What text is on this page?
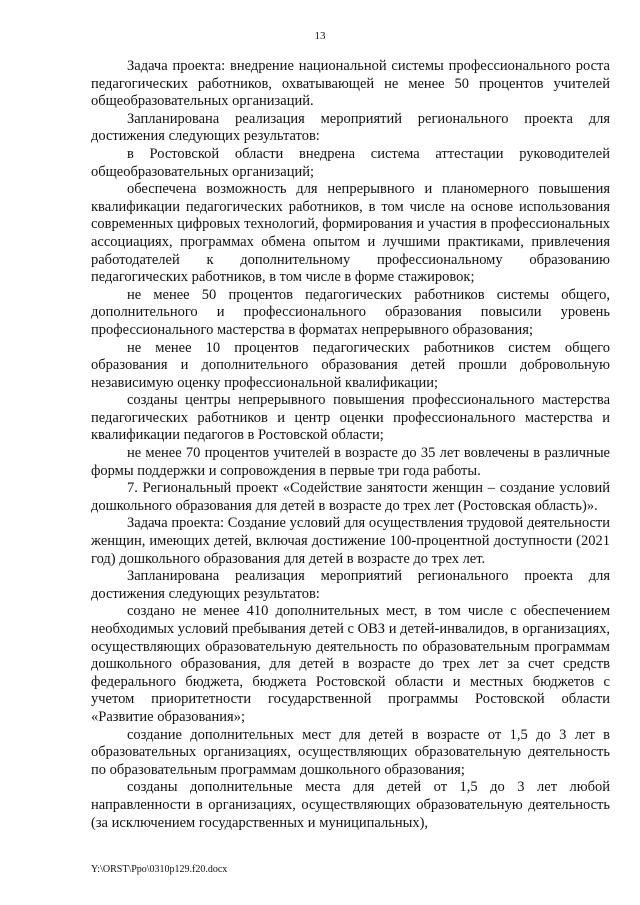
13

Задача проекта: внедрение национальной системы профессионального роста педагогических работников, охватывающей не менее 50 процентов учителей общеобразовательных организаций.

Запланирована реализация мероприятий регионального проекта для достижения следующих результатов:

в Ростовской области внедрена система аттестации руководителей общеобразовательных организаций;

обеспечена возможность для непрерывного и планомерного повышения квалификации педагогических работников, в том числе на основе использования современных цифровых технологий, формирования и участия в профессиональных ассоциациях, программах обмена опытом и лучшими практиками, привлечения работодателей к дополнительному профессиональному образованию педагогических работников, в том числе в форме стажировок;

не менее 50 процентов педагогических работников системы общего, дополнительного и профессионального образования повысили уровень профессионального мастерства в форматах непрерывного образования;

не менее 10 процентов педагогических работников систем общего образования и дополнительного образования детей прошли добровольную независимую оценку профессиональной квалификации;

созданы центры непрерывного повышения профессионального мастерства педагогических работников и центр оценки профессионального мастерства и квалификации педагогов в Ростовской области;

не менее 70 процентов учителей в возрасте до 35 лет вовлечены в различные формы поддержки и сопровождения в первые три года работы.

7. Региональный проект «Содействие занятости женщин – создание условий дошкольного образования для детей в возрасте до трех лет (Ростовская область)».

Задача проекта: Создание условий для осуществления трудовой деятельности женщин, имеющих детей, включая достижение 100-процентной доступности (2021 год) дошкольного образования для детей в возрасте до трех лет.

Запланирована реализация мероприятий регионального проекта для достижения следующих результатов:

создано не менее 410 дополнительных мест, в том числе с обеспечением необходимых условий пребывания детей с ОВЗ и детей-инвалидов, в организациях, осуществляющих образовательную деятельность по образовательным программам дошкольного образования, для детей в возрасте до трех лет за счет средств федерального бюджета, бюджета Ростовской области и местных бюджетов с учетом приоритетности государственной программы Ростовской области «Развитие образования»;

создание дополнительных мест для детей в возрасте от 1,5 до 3 лет в образовательных организациях, осуществляющих образовательную деятельность по образовательным программам дошкольного образования;

созданы дополнительные места для детей от 1,5 до 3 лет любой направленности в организациях, осуществляющих образовательную деятельность (за исключением государственных и муниципальных),

Y:\ORST\Ppo\0310p129.f20.docx
